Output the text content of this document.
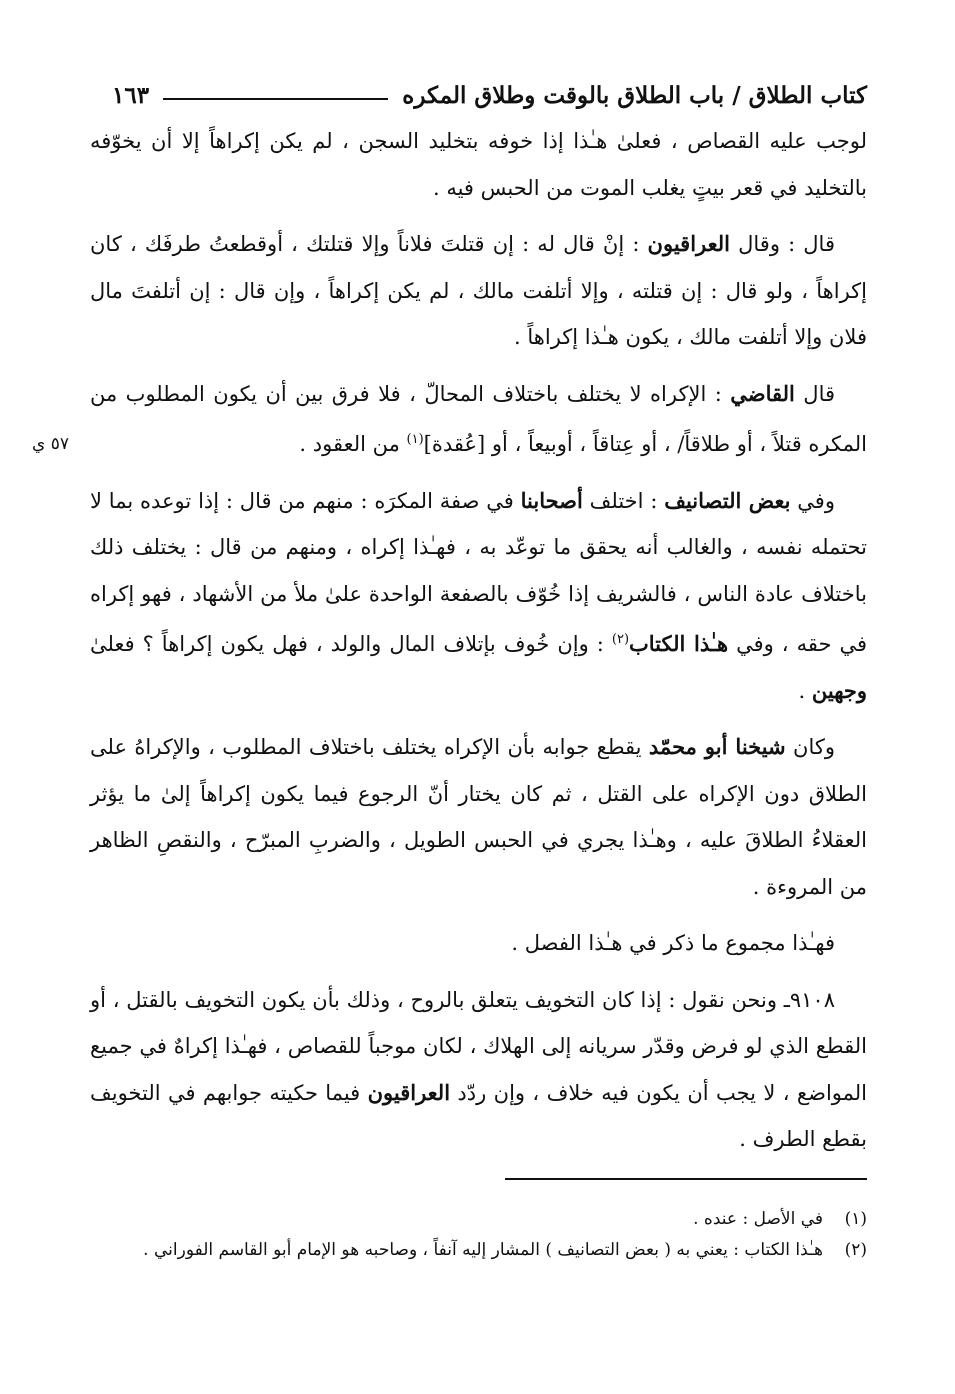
كتاب الطلاق / باب الطلاق بالوقت وطلاق المكره
١٦٣
٥٧ ي

لوجب عليه القصاص ، فعلىٰ هـٰذا إذا خوفه بتخليد السجن ، لم يكن إكراهاً إلا أن يخوّفه بالتخليد في قعر بيتٍ يغلب الموت من الحبس فيه .

قال : وقال العراقيون : إنْ قال له : إن قتلتَ فلاناً وإلا قتلتك ، أوقطعتُ طرفَك ، كان إكراهاً ، ولو قال : إن قتلته ، وإلا أتلفت مالك ، لم يكن إكراهاً ، وإن قال : إن أتلفتَ مال فلان وإلا أتلفت مالك ، يكون هـٰذا إكراهاً .

قال القاضي : الإكراه لا يختلف باختلاف المحالّ ، فلا فرق بين أن يكون المطلوب من المكره قتلاً ، أو طلاقاً/ ، أو عِتاقاً ، أوبيعاً ، أو [عُقدة]$^{(١)}$ من العقود .

وفي بعض التصانيف : اختلف أصحابنا في صفة المكرَه : منهم من قال : إذا توعده بما لا تحتمله نفسه ، والغالب أنه يحقق ما توعّد به ، فهـٰذا إكراه ، ومنهم من قال : يختلف ذلك باختلاف عادة الناس ، فالشريف إذا خُوّف بالصفعة الواحدة علىٰ ملأ من الأشهاد ، فهو إكراه في حقه ، وفي هـٰذا الكتاب$^{(٢)}$ : وإن خُوف بإتلاف المال والولد ، فهل يكون إكراهاً ؟ فعلىٰ وجهين .

وكان شيخنا أبو محمّد يقطع جوابه بأن الإكراه يختلف باختلاف المطلوب ، والإكراهُ على الطلاق دون الإكراه على القتل ، ثم كان يختار أنّ الرجوع فيما يكون إكراهاً إلىٰ ما يؤثر العقلاءُ الطلاقَ عليه ، وهـٰذا يجري في الحبس الطويل ، والضربِ المبرّح ، والنقصِ الظاهر من المروءة .

فهـٰذا مجموع ما ذكر في هـٰذا الفصل .

٩١٠٨ـ ونحن نقول : إذا كان التخويف يتعلق بالروح ، وذلك بأن يكون التخويف بالقتل ، أو القطع الذي لو فرض وقدّر سريانه إلى الهلاك ، لكان موجباً للقصاص ، فهـٰذا إكراهٌ في جميع المواضع ، لا يجب أن يكون فيه خلاف ، وإن ردّد العراقيون فيما حكيته جوابهم في التخويف بقطع الطرف .

(١)
في الأصل : عنده .
(٢)
هـٰذا الكتاب : يعني به ( بعض التصانيف ) المشار إليه آنفاً ، وصاحبه هو الإمام أبو القاسم الفوراني .
